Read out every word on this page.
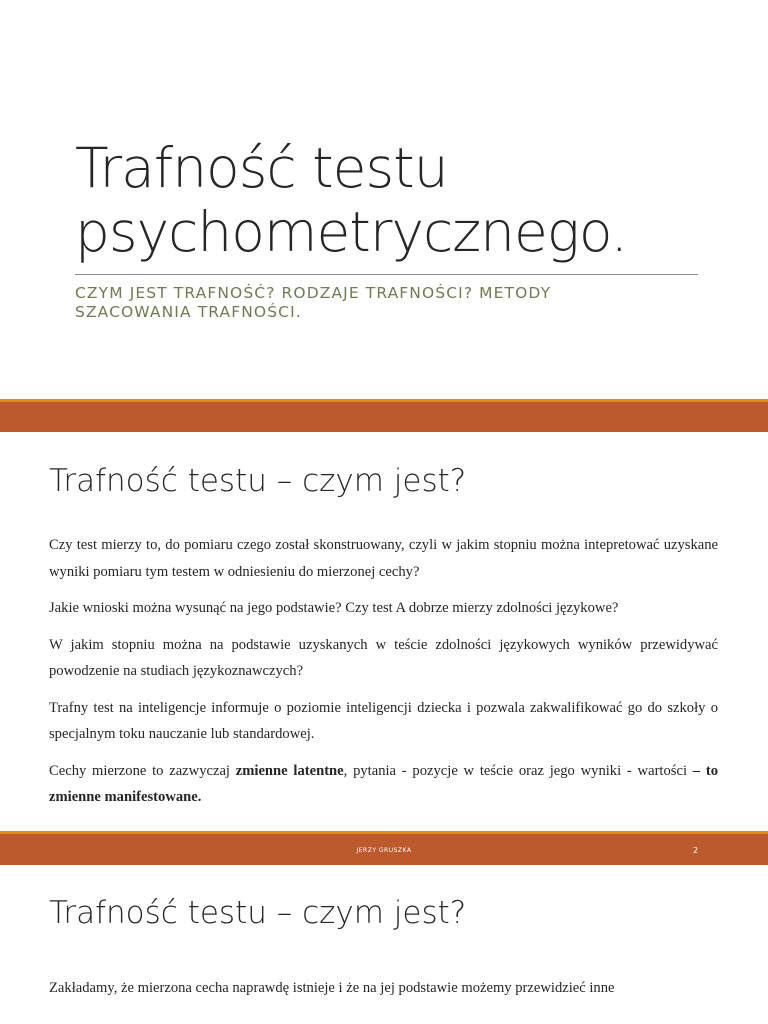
Trafność testu
psychometrycznego.
CZYM JEST TRAFNOŚĆ? RODZAJE TRAFNOŚCI? METODY
SZACOWANIA TRAFNOŚCI.
Trafność testu – czym jest?

Czy test mierzy to, do pomiaru czego został skonstruowany, czyli w jakim stopniu można intepretować uzyskane wyniki pomiaru tym testem w odniesieniu do mierzonej cechy?

Jakie wnioski można wysunąć na jego podstawie? Czy test A dobrze mierzy zdolności językowe?

W jakim stopniu można na podstawie uzyskanych w teście zdolności językowych wyników przewidywać powodzenie na studiach językoznawczych?

Trafny test na inteligencje informuje o poziomie inteligencji dziecka i pozwala zakwalifikować go do szkoły o specjalnym toku nauczanie lub standardowej.

Cechy mierzone to zazwyczaj zmienne latentne, pytania - pozycje w teście oraz jego wyniki - wartości – to zmienne manifestowane.

JERZY GRUSZKA	2
Trafność testu – czym jest?

Zakładamy, że mierzona cecha naprawdę istnieje i że na jej podstawie możemy przewidzieć inne
